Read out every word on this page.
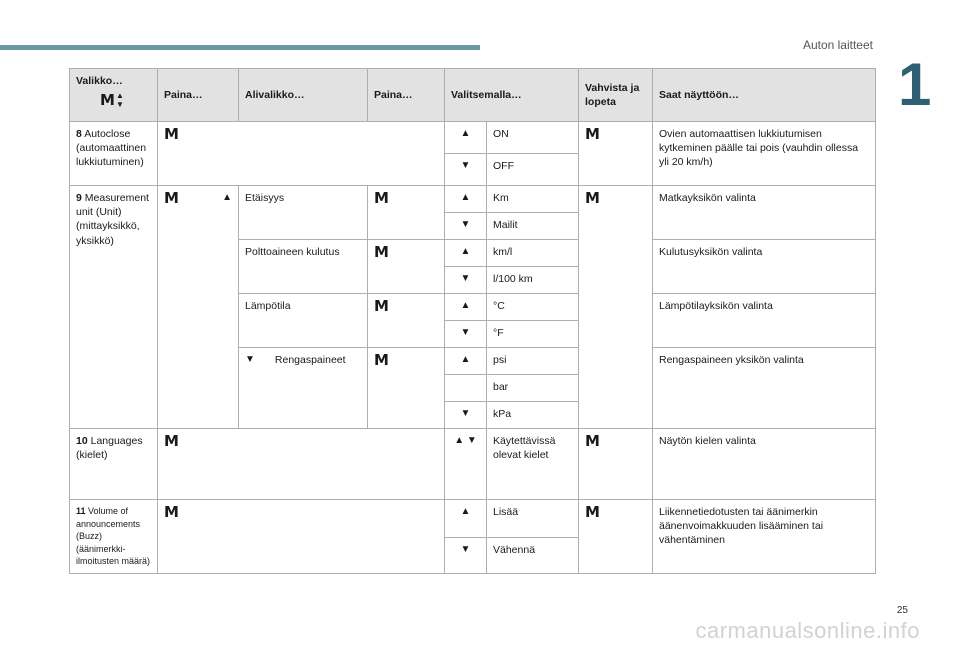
Auton laitteet
1
Valikko…
M ▲
▼	Paina…	Alivalikko…	Paina…	Valitsemalla…		Vahvista ja lopeta	Saat näyttöön…
8 Autoclose (automaattinen lukkiutuminen)	M			▲	ON	M	Ovien automaattisen lukkiutumisen kytkeminen päälle tai pois (vauhdin ollessa yli 20 km/h)
				▼	OFF		
9 Measurement unit (Unit) (mittayksikkö, yksikkö)	M ▲	Etäisyys	M	▲	Km	M	Matkayksikön valinta
				▼	Mailit		
		Polttoaineen kulutus	M	▲	km/l		Kulutusyksikön valinta
				▼	l/100 km		
		Lämpötila	M	▲	°C		Lämpötilayksikön valinta
				▼	°F		

		▼ Rengaspaineet	M	▲	psi		Rengaspaineen yksikön valinta
					bar		
				▼	kPa		
10 Languages (kielet)	M			▲ ▼	Käytettävissä olevat kielet	M	Näytön kielen valinta
11 Volume of announcements (Buzz) (äänimerkki-ilmoitusten määrä)	M			▲	Lisää	M	Liikennetiedotusten tai äänimerkin äänenvoimakkuuden lisääminen tai vähentäminen
				▼	Vähennä		
25
carmanualsonline.info
